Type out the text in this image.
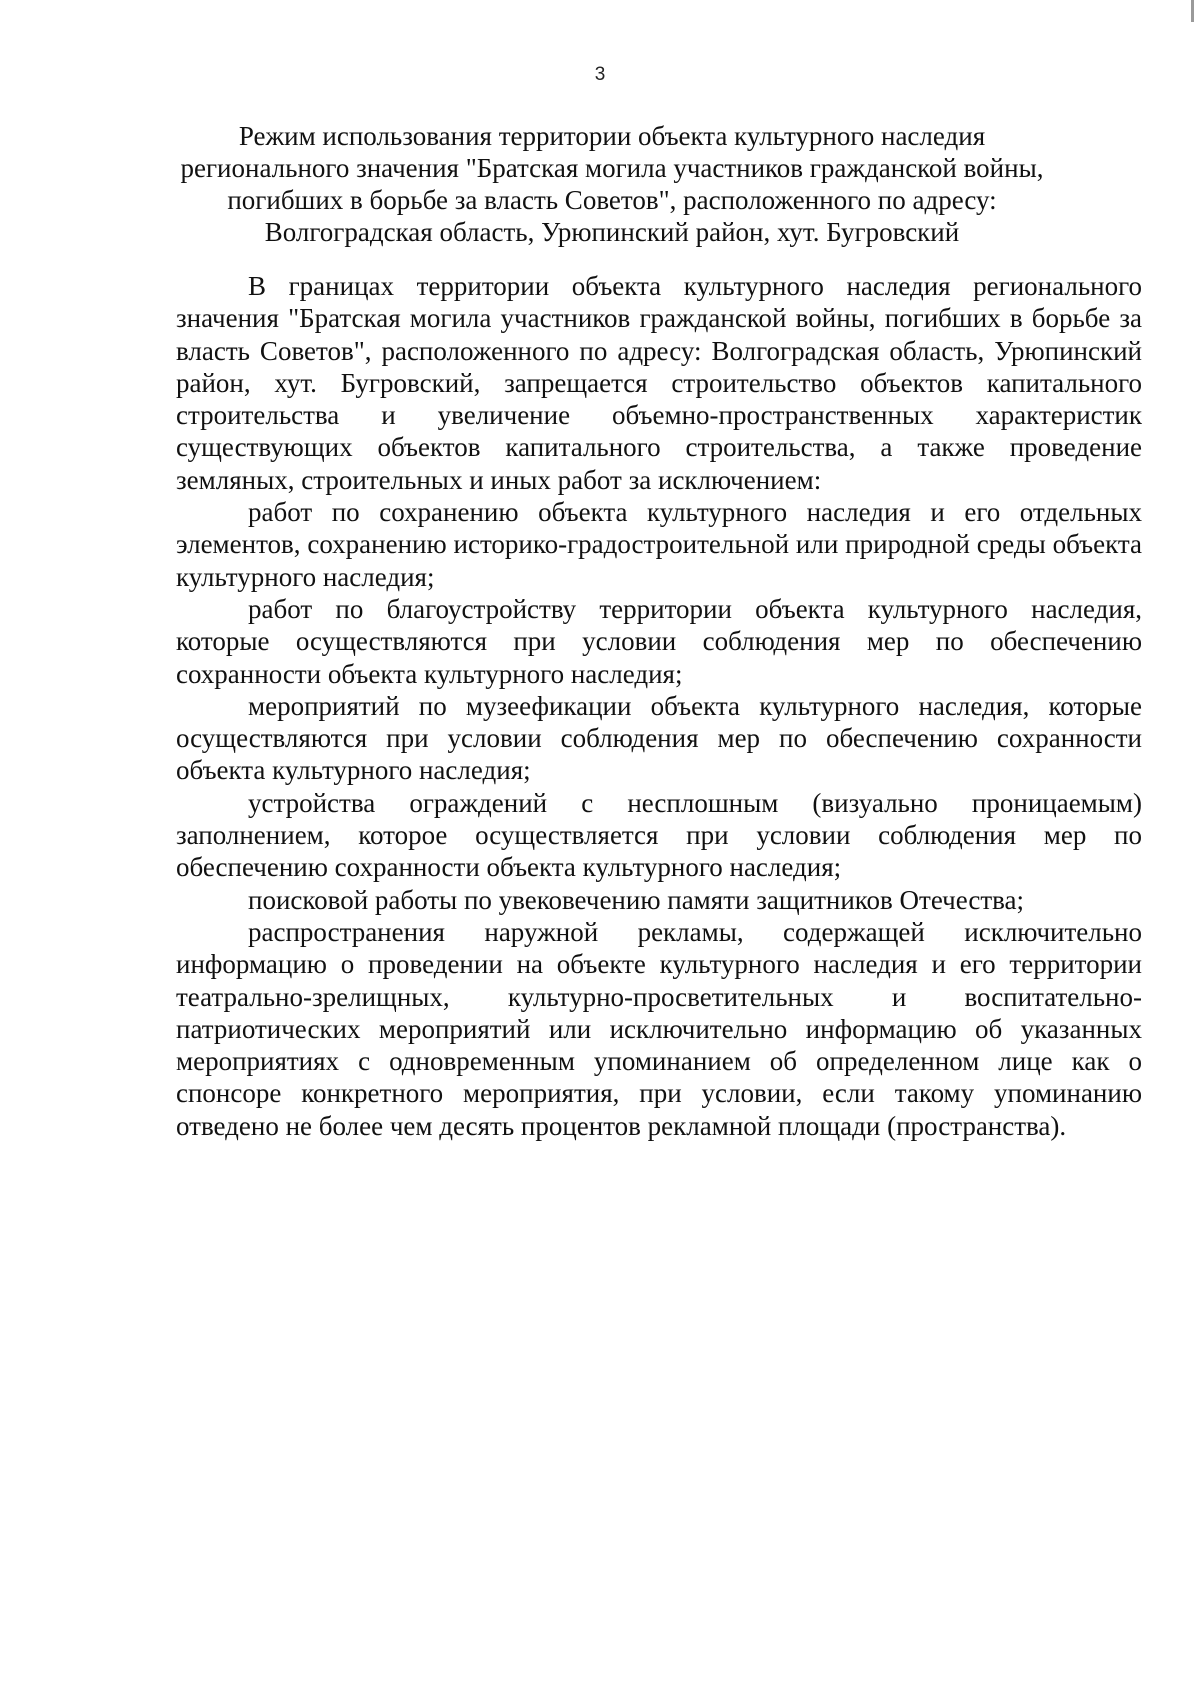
3
Режим использования территории объекта культурного наследия
регионального значения "Братская могила участников гражданской войны,
погибших в борьбе за власть Советов", расположенного по адресу:
Волгоградская область, Урюпинский район, хут. Бугровский

В границах территории объекта культурного наследия регионального значения "Братская могила участников гражданской войны, погибших в борьбе за власть Советов", расположенного по адресу: Волгоградская область, Урюпинский район, хут. Бугровский, запрещается строительство объектов капитального строительства и увеличение объемно-пространственных характеристик существующих объектов капитального строительства, а также проведение земляных, строительных и иных работ за исключением:

работ по сохранению объекта культурного наследия и его отдельных элементов, сохранению историко-градостроительной или природной среды объекта культурного наследия;

работ по благоустройству территории объекта культурного наследия, которые осуществляются при условии соблюдения мер по обеспечению сохранности объекта культурного наследия;

мероприятий по музеефикации объекта культурного наследия, которые осуществляются при условии соблюдения мер по обеспечению сохранности объекта культурного наследия;

устройства ограждений с несплошным (визуально проницаемым) заполнением, которое осуществляется при условии соблюдения мер по обеспечению сохранности объекта культурного наследия;

поисковой работы по увековечению памяти защитников Отечества;

распространения наружной рекламы, содержащей исключительно информацию о проведении на объекте культурного наследия и его территории театрально-зрелищных, культурно-просветительных и воспитательно-патриотических мероприятий или исключительно информацию об указанных мероприятиях с одновременным упоминанием об определенном лице как о спонсоре конкретного мероприятия, при условии, если такому упоминанию отведено не более чем десять процентов рекламной площади (пространства).
